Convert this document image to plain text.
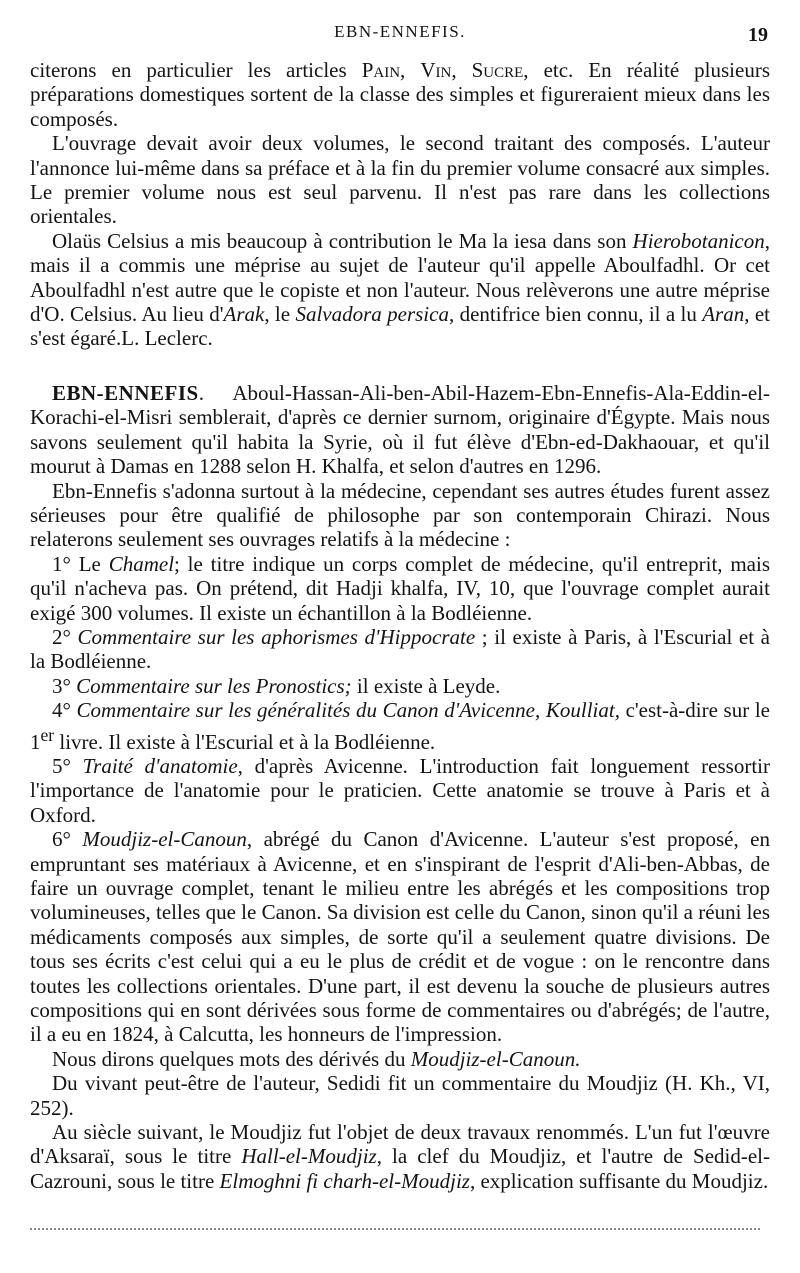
EBN-ENNEFIS.	19

citerons en particulier les articles Pain, Vin, Sucre, etc. En réalité plusieurs préparations domestiques sortent de la classe des simples et figureraient mieux dans les composés.

L'ouvrage devait avoir deux volumes, le second traitant des composés. L'auteur l'annonce lui-même dans sa préface et à la fin du premier volume consacré aux simples. Le premier volume nous est seul parvenu. Il n'est pas rare dans les collections orientales.

Olaüs Celsius a mis beaucoup à contribution le Ma la iesa dans son Hierobotanicon, mais il a commis une méprise au sujet de l'auteur qu'il appelle Aboulfadhl. Or cet Aboulfadhl n'est autre que le copiste et non l'auteur. Nous relèverons une autre méprise d'O. Celsius. Au lieu d'Arak, le Salvadora persica, dentifrice bien connu, il a lu Aran, et s'est égaré.L. Leclerc.

EBN-ENNEFIS. Aboul-Hassan-Ali-ben-Abil-Hazem-Ebn-Ennefis-Ala-Eddin-el-Korachi-el-Misri semblerait, d'après ce dernier surnom, originaire d'Égypte. Mais nous savons seulement qu'il habita la Syrie, où il fut élève d'Ebn-ed-Dakhaouar, et qu'il mourut à Damas en 1288 selon H. Khalfa, et selon d'autres en 1296.

Ebn-Ennefis s'adonna surtout à la médecine, cependant ses autres études furent assez sérieuses pour être qualifié de philosophe par son contemporain Chirazi. Nous relaterons seulement ses ouvrages relatifs à la médecine :

1° Le Chamel; le titre indique un corps complet de médecine, qu'il entreprit, mais qu'il n'acheva pas. On prétend, dit Hadji khalfa, IV, 10, que l'ouvrage complet aurait exigé 300 volumes. Il existe un échantillon à la Bodléienne.

2° Commentaire sur les aphorismes d'Hippocrate ; il existe à Paris, à l'Escurial et à la Bodléienne.

3° Commentaire sur les Pronostics; il existe à Leyde.

4° Commentaire sur les généralités du Canon d'Avicenne, Koulliat, c'est-à-dire sur le 1er livre. Il existe à l'Escurial et à la Bodléienne.

5° Traité d'anatomie, d'après Avicenne. L'introduction fait longuement ressortir l'importance de l'anatomie pour le praticien. Cette anatomie se trouve à Paris et à Oxford.

6° Moudjiz-el-Canoun, abrégé du Canon d'Avicenne. L'auteur s'est proposé, en empruntant ses matériaux à Avicenne, et en s'inspirant de l'esprit d'Ali-ben-Abbas, de faire un ouvrage complet, tenant le milieu entre les abrégés et les compositions trop volumineuses, telles que le Canon. Sa division est celle du Canon, sinon qu'il a réuni les médicaments composés aux simples, de sorte qu'il a seulement quatre divisions. De tous ses écrits c'est celui qui a eu le plus de crédit et de vogue : on le rencontre dans toutes les collections orientales. D'une part, il est devenu la souche de plusieurs autres compositions qui en sont dérivées sous forme de commentaires ou d'abrégés; de l'autre, il a eu en 1824, à Calcutta, les honneurs de l'impression.

Nous dirons quelques mots des dérivés du Moudjiz-el-Canoun.

Du vivant peut-être de l'auteur, Sedidi fit un commentaire du Moudjiz (H. Kh., VI, 252).

Au siècle suivant, le Moudjiz fut l'objet de deux travaux renommés. L'un fut l'œuvre d'Aksaraï, sous le titre Hall-el-Moudjiz, la clef du Moudjiz, et l'autre de Sedid-el-Cazrouni, sous le titre Elmoghni fi charh-el-Moudjiz, explication suffisante du Moudjiz.
